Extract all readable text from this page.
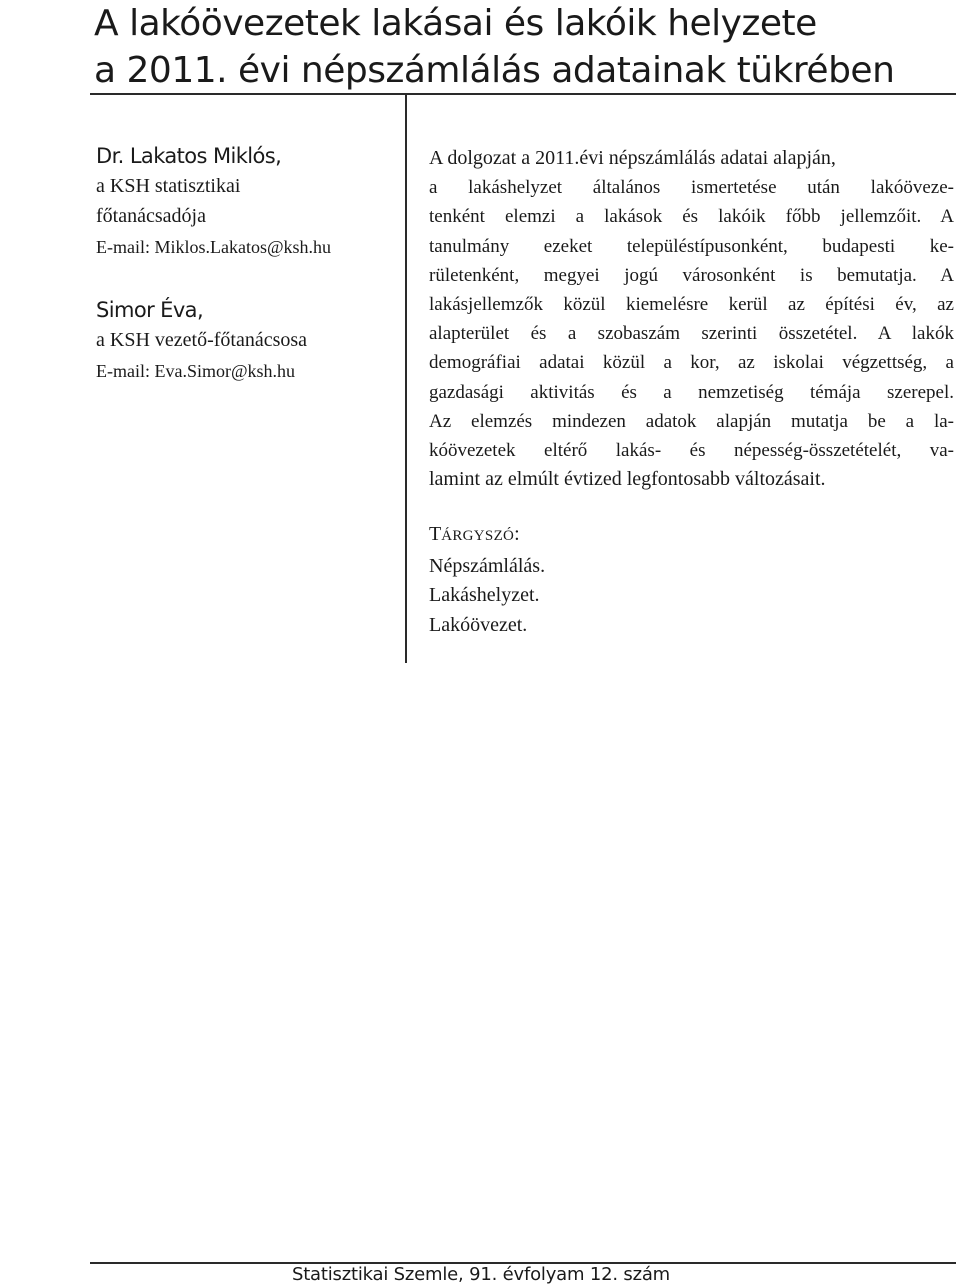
A lakóövezetek lakásai és lakóik helyzete
a 2011. évi népszámlálás adatainak tükrében
Dr. Lakatos Miklós,
a KSH statisztikai
főtanácsadója
E-mail: Miklos.Lakatos@ksh.hu
Simor Éva,
a KSH vezető-főtanácsosa
E-mail: Eva.Simor@ksh.hu
A dolgozat a 2011.évi népszámlálás adatai alapján,
a lakáshelyzet általános ismertetése után lakóöveze-
tenként elemzi a lakások és lakóik főbb jellemzőit. A
tanulmány ezeket településtípusonként, budapesti ke-
rületenként, megyei jogú városonként is bemutatja. A
lakásjellemzők közül kiemelésre kerül az építési év, az
alapterület és a szobaszám szerinti összetétel. A lakók
demográfiai adatai közül a kor, az iskolai végzettség, a
gazdasági aktivitás és a nemzetiség témája szerepel.
Az elemzés mindezen adatok alapján mutatja be a la-
kóövezetek eltérő lakás- és népesség-összetételét, va-
lamint az elmúlt évtized legfontosabb változásait.
TÁRGYSZÓ:
Népszámlálás.
Lakáshelyzet.
Lakóövezet.
Statisztikai Szemle, 91. évfolyam 12. szám
